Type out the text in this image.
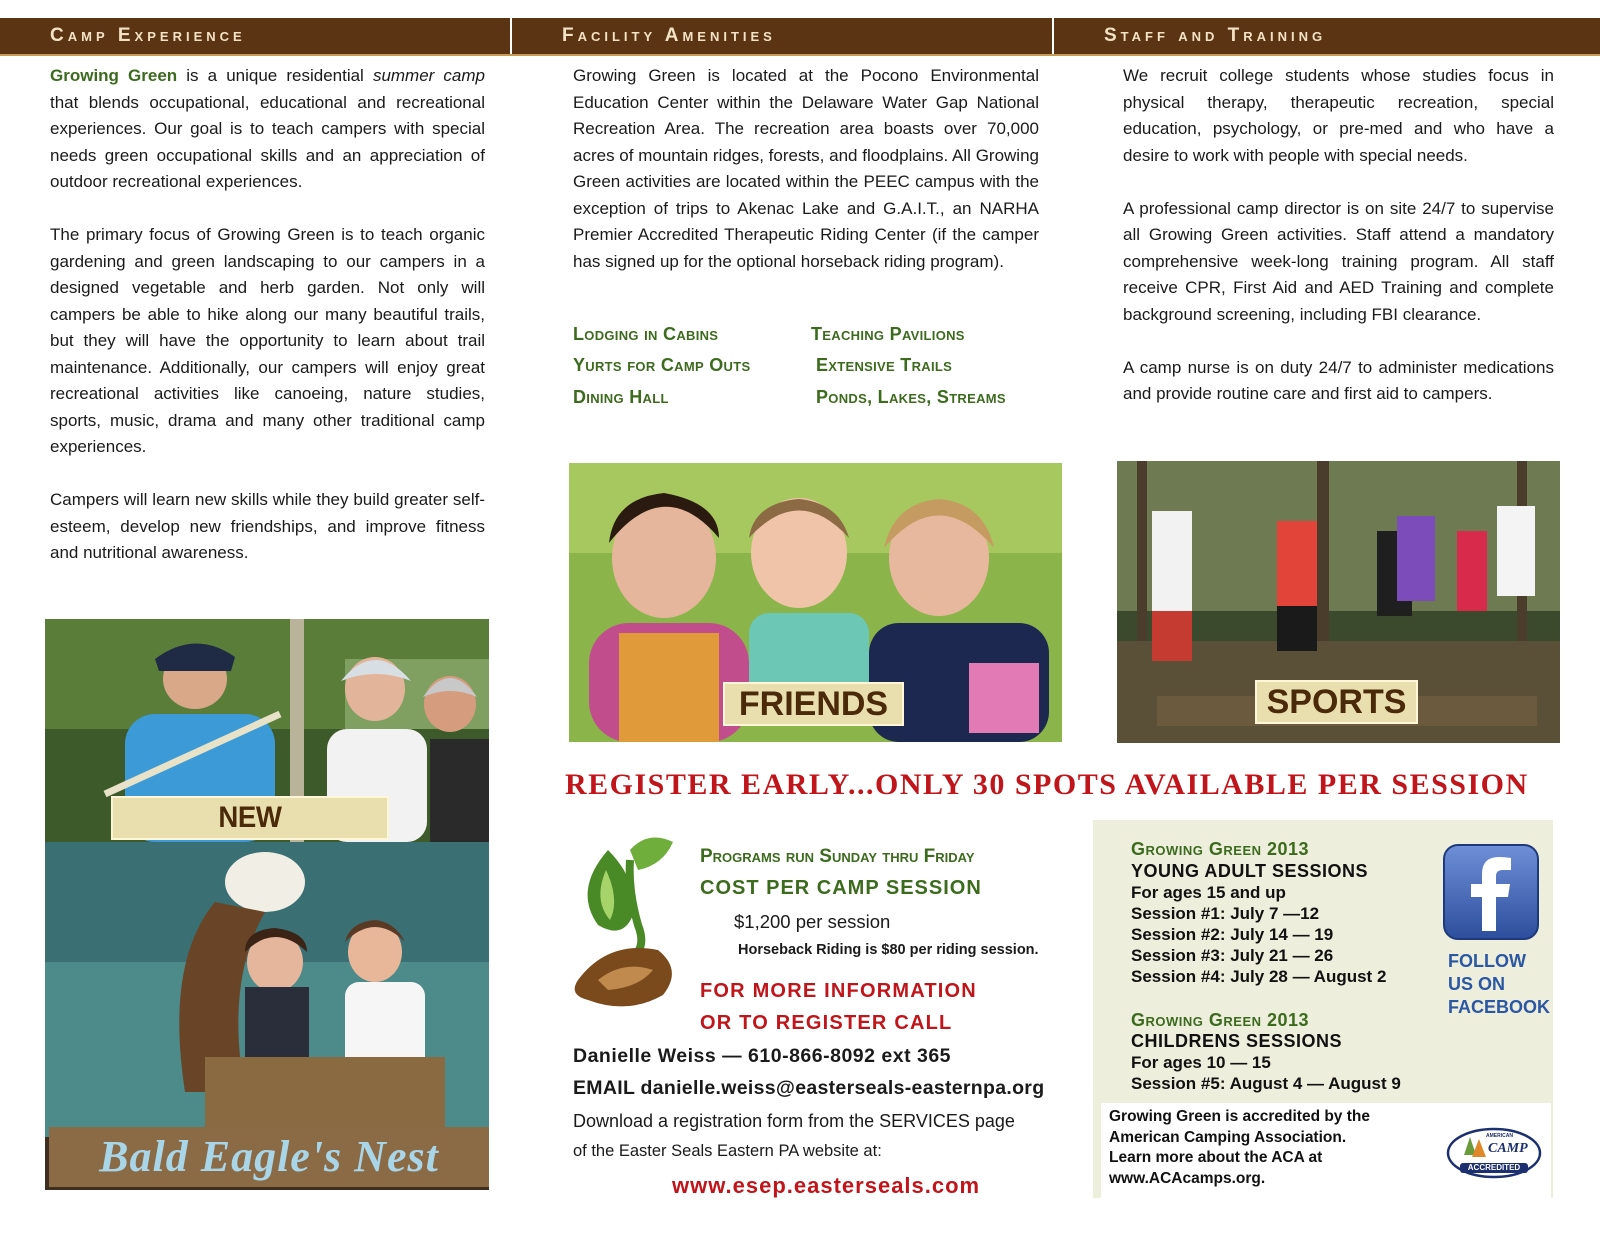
Camp Experience	Facility Amenities	Staff and Training

Growing Green is a unique residential summer camp that blends occupational, educational and recreational experiences. Our goal is to teach campers with special needs green occupational skills and an appreciation of outdoor recreational experiences.

The primary focus of Growing Green is to teach organic gardening and green landscaping to our campers in a designed vegetable and herb garden. Not only will campers be able to hike along our many beautiful trails, but they will have the opportunity to learn about trail maintenance. Additionally, our campers will enjoy great recreational activities like canoeing, nature studies, sports, music, drama and many other traditional camp experiences.

Campers will learn new skills while they build greater self-esteem, develop new friendships, and improve fitness and nutritional awareness.

Growing Green is located at the Pocono Environmental Education Center within the Delaware Water Gap National Recreation Area. The recreation area boasts over 70,000 acres of mountain ridges, forests, and floodplains. All Growing Green activities are located within the PEEC campus with the exception of trips to Akenac Lake and G.A.I.T., an NARHA Premier Accredited Therapeutic Riding Center (if the camper has signed up for the optional horseback riding program).

Lodging in Cabins	Teaching Pavilions
Yurts for Camp Outs	Extensive Trails
Dining Hall	Ponds, Lakes, Streams

We recruit college students whose studies focus in physical therapy, therapeutic recreation, special education, psychology, or pre-med and who have a desire to work with people with special needs.

A professional camp director is on site 24/7 to supervise all Growing Green activities. Staff attend a mandatory comprehensive week-long training program. All staff receive CPR, First Aid and AED Training and complete background screening, including FBI clearance.

A camp nurse is on duty 24/7 to administer medications and provide routine care and first aid to campers.

NEW
Bald Eagle's Nest
FRIENDS	SPORTS
REGISTER EARLY...ONLY 30 SPOTS AVAILABLE PER SESSION
Programs run Sunday thru Friday
COST PER CAMP SESSION
$1,200 per session
Horseback Riding is $80 per riding session.
FOR MORE INFORMATION
OR TO REGISTER CALL
Danielle Weiss — 610-866-8092 ext 365
EMAIL danielle.weiss@easterseals-easternpa.org
Download a registration form from the SERVICES page
of the Easter Seals Eastern PA website at:
www.esep.easterseals.com
Growing Green 2013
YOUNG ADULT SESSIONS
For ages 15 and up
Session #1: July 7 —12
Session #2: July 14 — 19
Session #3: July 21 — 26
Session #4: July 28 — August 2
Growing Green 2013
CHILDRENS SESSIONS
For ages 10 — 15
Session #5: August 4 — August 9
FOLLOW
US ON
FACEBOOK
Growing Green is accredited by the
American Camping Association.
Learn more about the ACA at
www.ACAcamps.org.
AMERICAN
CAMP
ACCREDITED
